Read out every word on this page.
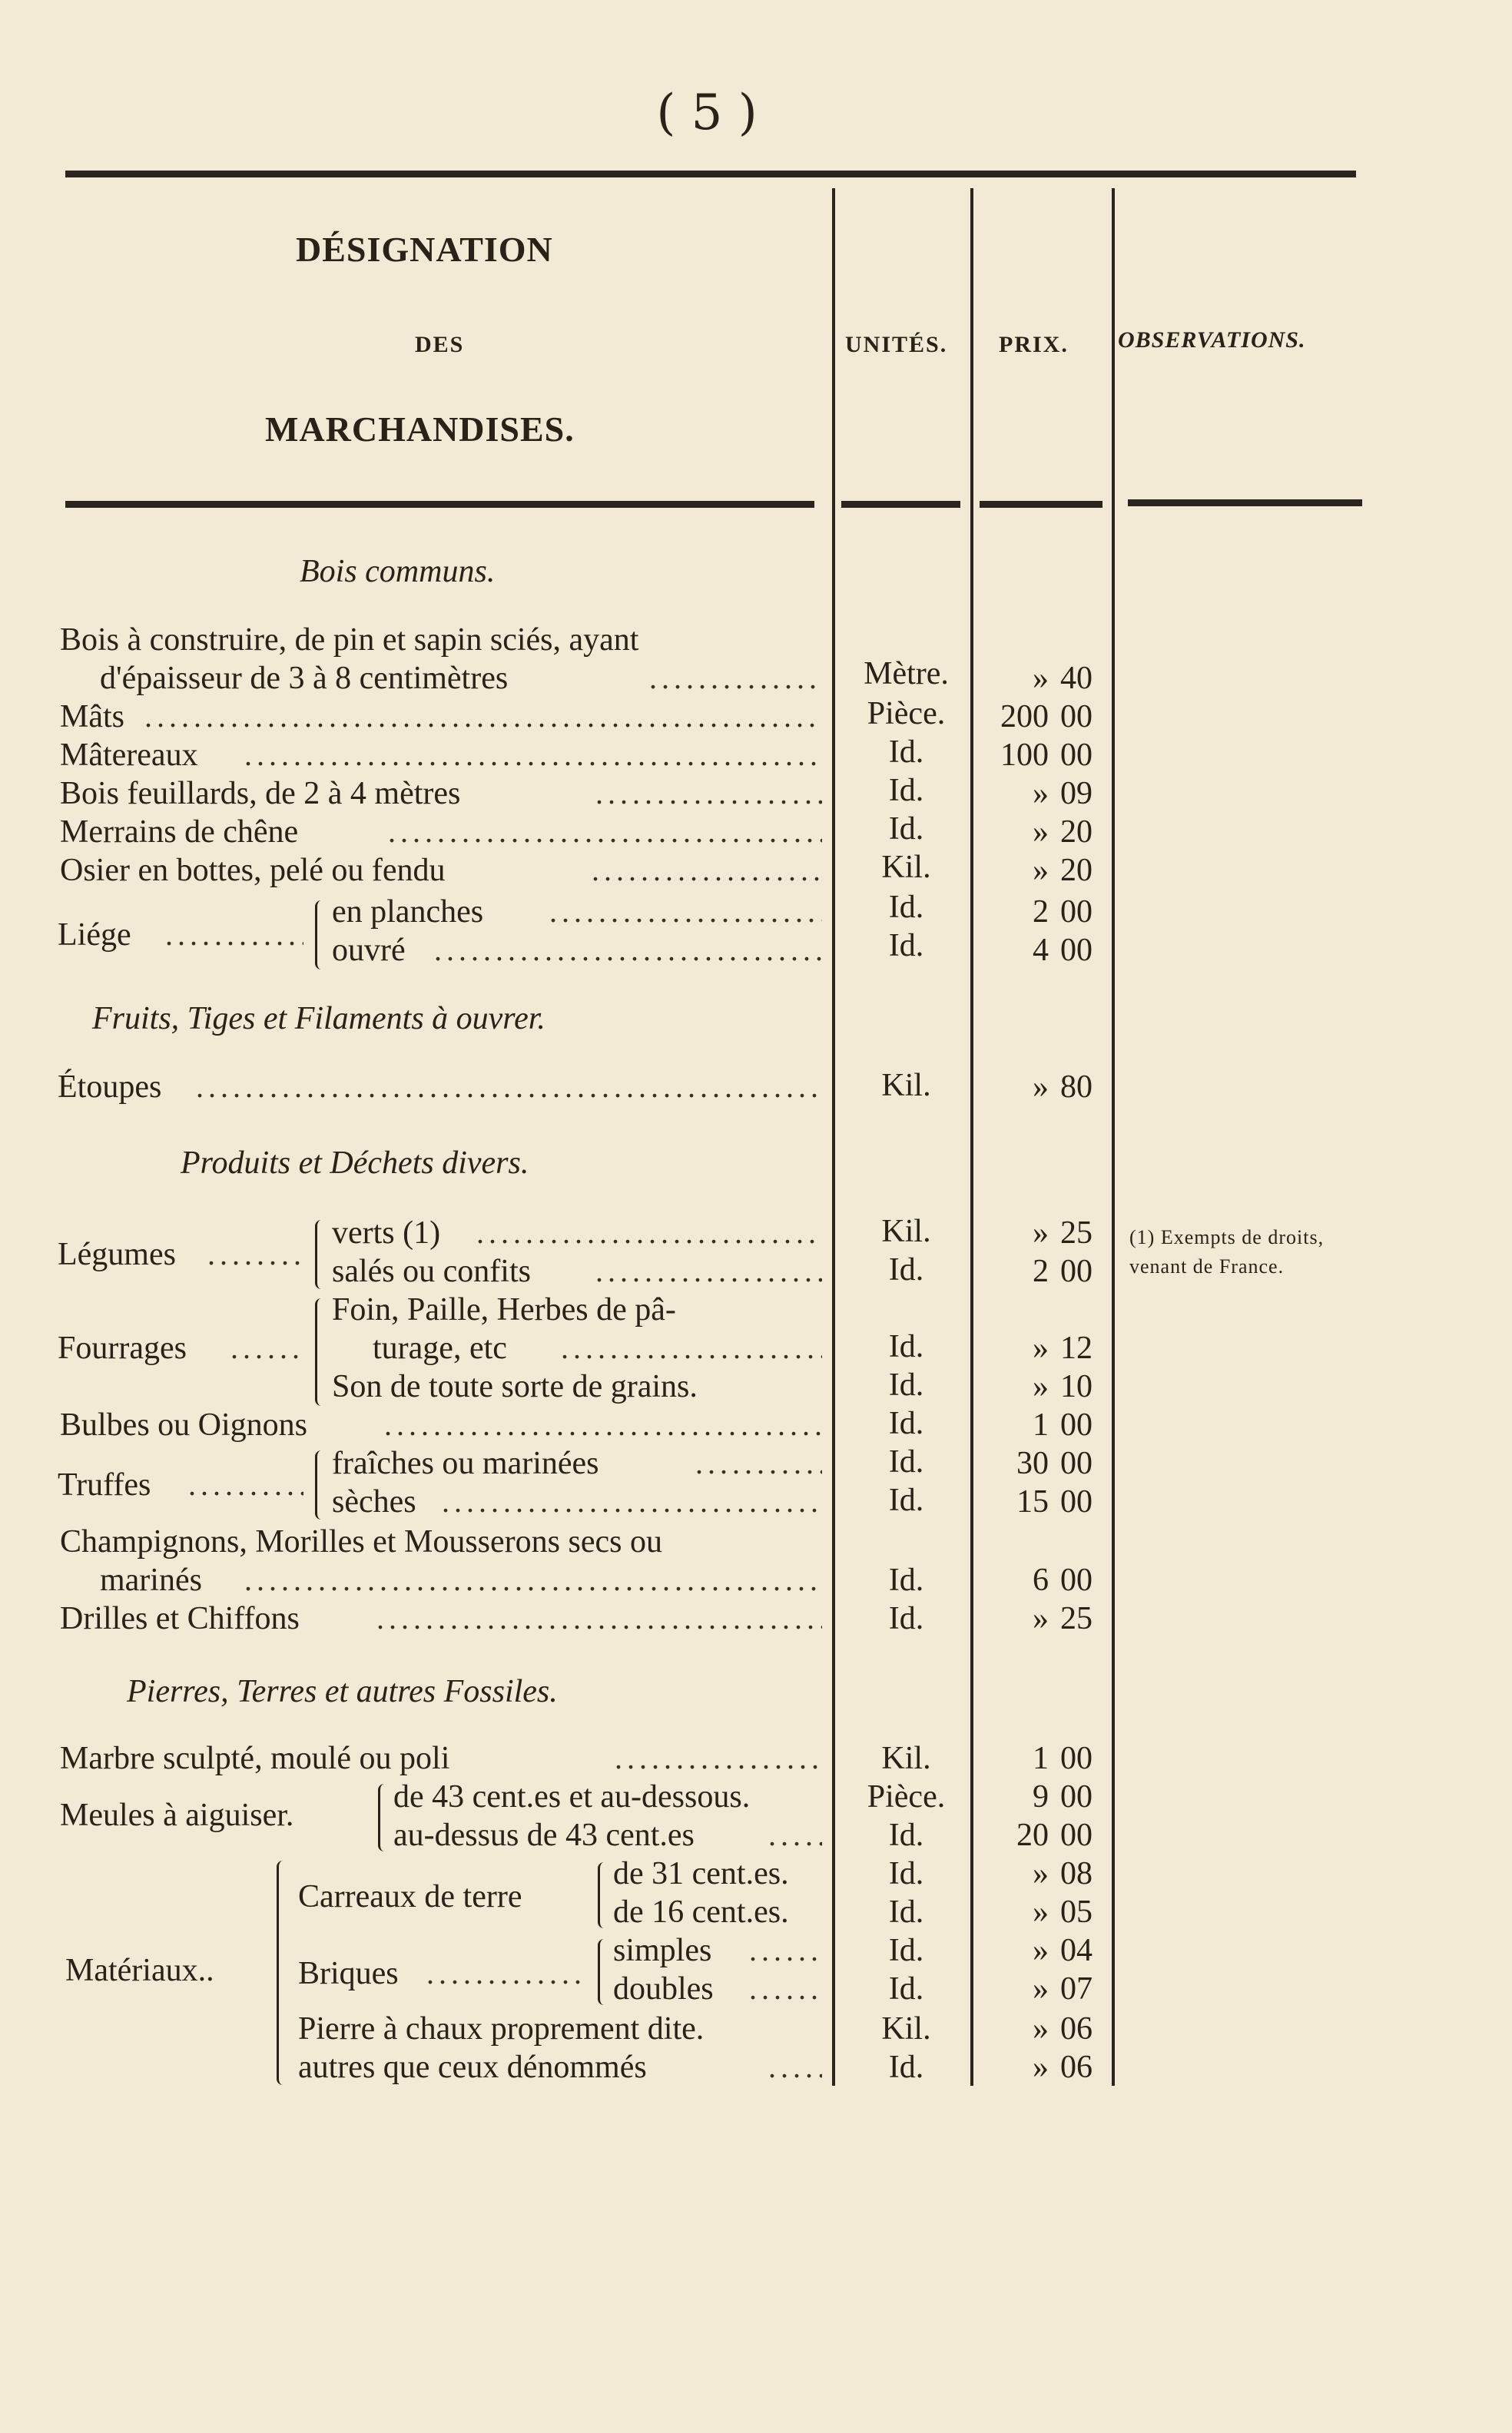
( 5 )
DÉSIGNATION
DES
MARCHANDISES.
UNITÉS. PRIX. OBSERVATIONS.
Bois communs.
Bois à construire, de pin et sapin sciés, ayant
d'épaisseur de 3 à 8 centimètres . . .	Mètre.	» 40
Mâts . . .	Pièce.	200 00
Mâtereaux . . .	Id.	100 00
Bois feuillards, de 2 à 4 mètres . . .	Id.	» 09
Merrains de chêne . . .	Id.	» 20
Osier en bottes, pelé ou fendu . . .	Kil.	» 20
Liége
. . .
en planches . . .	Id.	2 00
ouvré . . .	Id.	4 00
Fruits, Tiges et Filaments à ouvrer.
Étoupes . . .	Kil.	» 80
Produits et Déchets divers.
Légumes
. . .
verts (1) . . .	Kil.	» 25
salés ou confits . . .	Id.	2 00
Fourrages
. . .
Foin, Paille, Herbes de pâ-
turage, etc . . .	Id.	» 12
Son de toute sorte de grains.	Id.	» 10
Bulbes ou Oignons . . .	Id.	1 00
Truffes
. . .
fraîches ou marinées . . .	Id.	30 00
sèches . . .	Id.	15 00
Champignons, Morilles et Mousserons secs ou
marinés . . .	Id.	6 00
Drilles et Chiffons . . .	Id.	» 25
Pierres, Terres et autres Fossiles.
Marbre sculpté, moulé ou poli . . .	Kil.	1 00
Meules à aiguiser.
de 43 cent.es et au-dessous.	Pièce.	9 00
au-dessus de 43 cent.es . . .	Id.	20 00
Matériaux..
Carreaux de terre
de 31 cent.es.	Id.	» 08
de 16 cent.es.	Id.	» 05
Briques
. . .
simples . . .	Id.	» 04
doubles . . .	Id.	» 07
Pierre à chaux proprement dite.	Kil.	» 06
autres que ceux dénommés . . .	Id.	» 06
(1) Exempts de droits, venant de France.
